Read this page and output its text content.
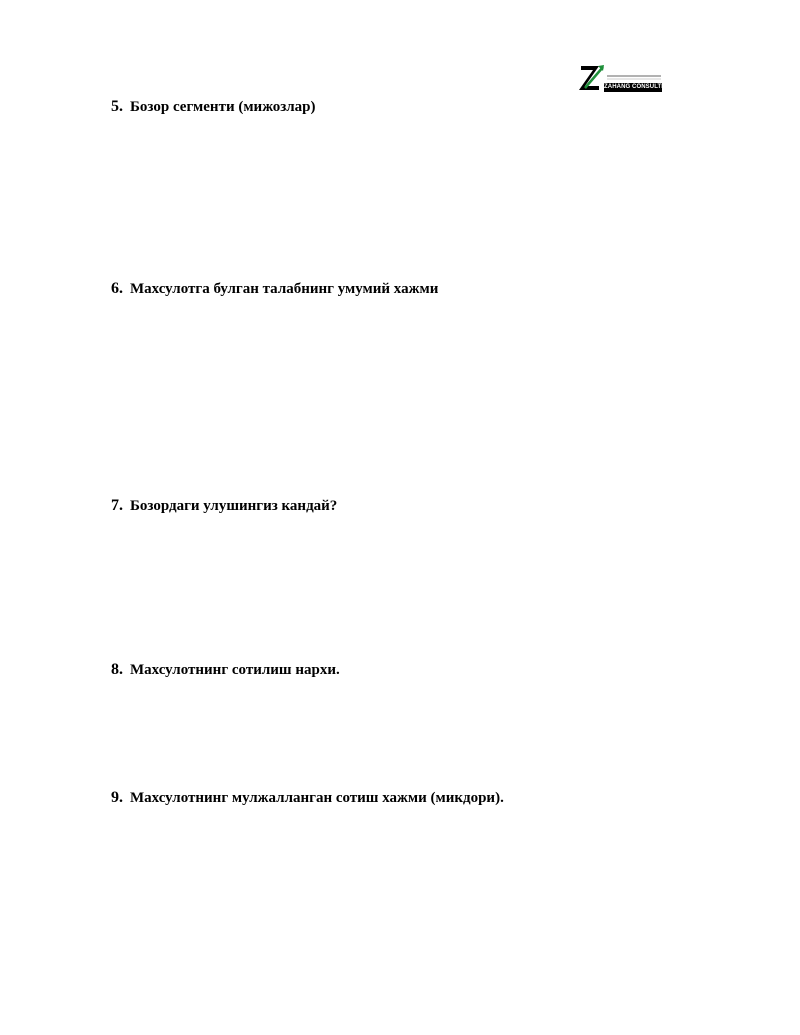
ZAHANG CONSULTING
5. Бозор сегменти (мижозлар)
6. Махсулотга булган талабнинг умумий хажми
7. Бозордаги улушингиз кандай?
8. Махсулотнинг сотилиш нархи.
9. Махсулотнинг мулжалланган сотиш хажми (микдори).
